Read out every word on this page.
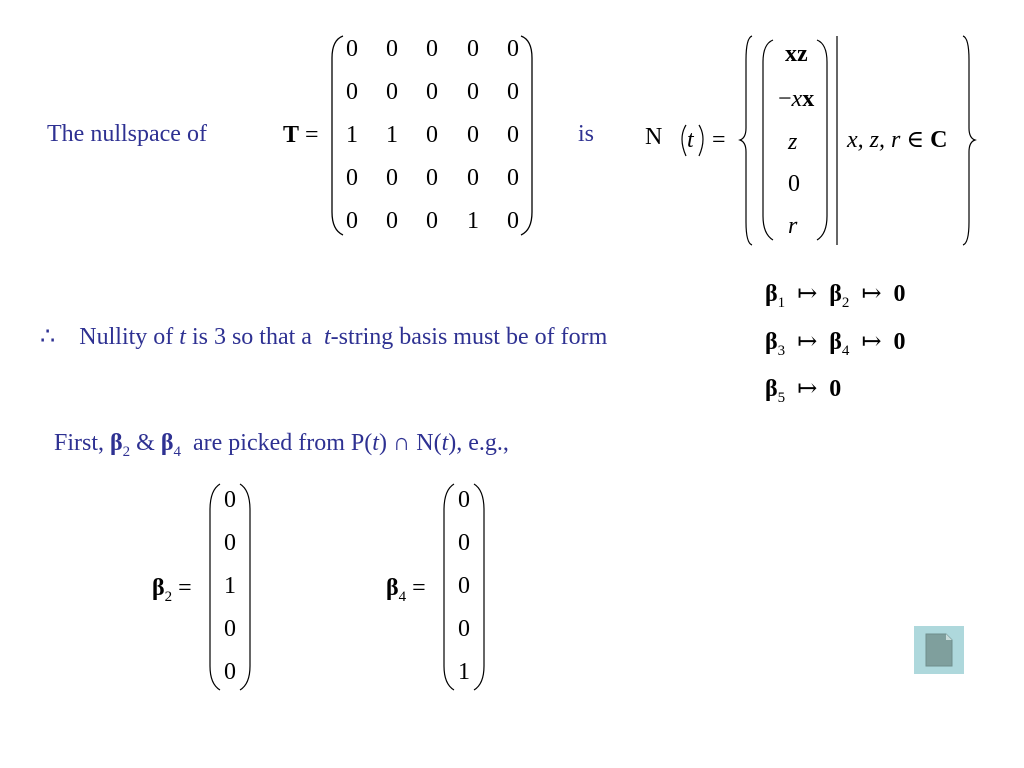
The nullspace of	T =	is
0 0 0 0 0
0 0 0 0 0
1 1 0 0 0
0 0 0 0 0
0 0 0 1 0
N t =
xz
−xx
z
0
r
x, z, r ∈ C
$\beta_1$ ↦ $\beta_2$ ↦ 0
$\beta_3$ ↦ $\beta_4$ ↦ 0
$\beta_5$ ↦ 0
∴ Nullity of t is 3 so that a t-string basis must be of form
First, $\beta_2$ & $\beta_4$ are picked from P(t) ∩ N(t), e.g.,
$\beta_2$ =
0
0
1
0
0
$\beta_4$ =
0
0
0
0
1
